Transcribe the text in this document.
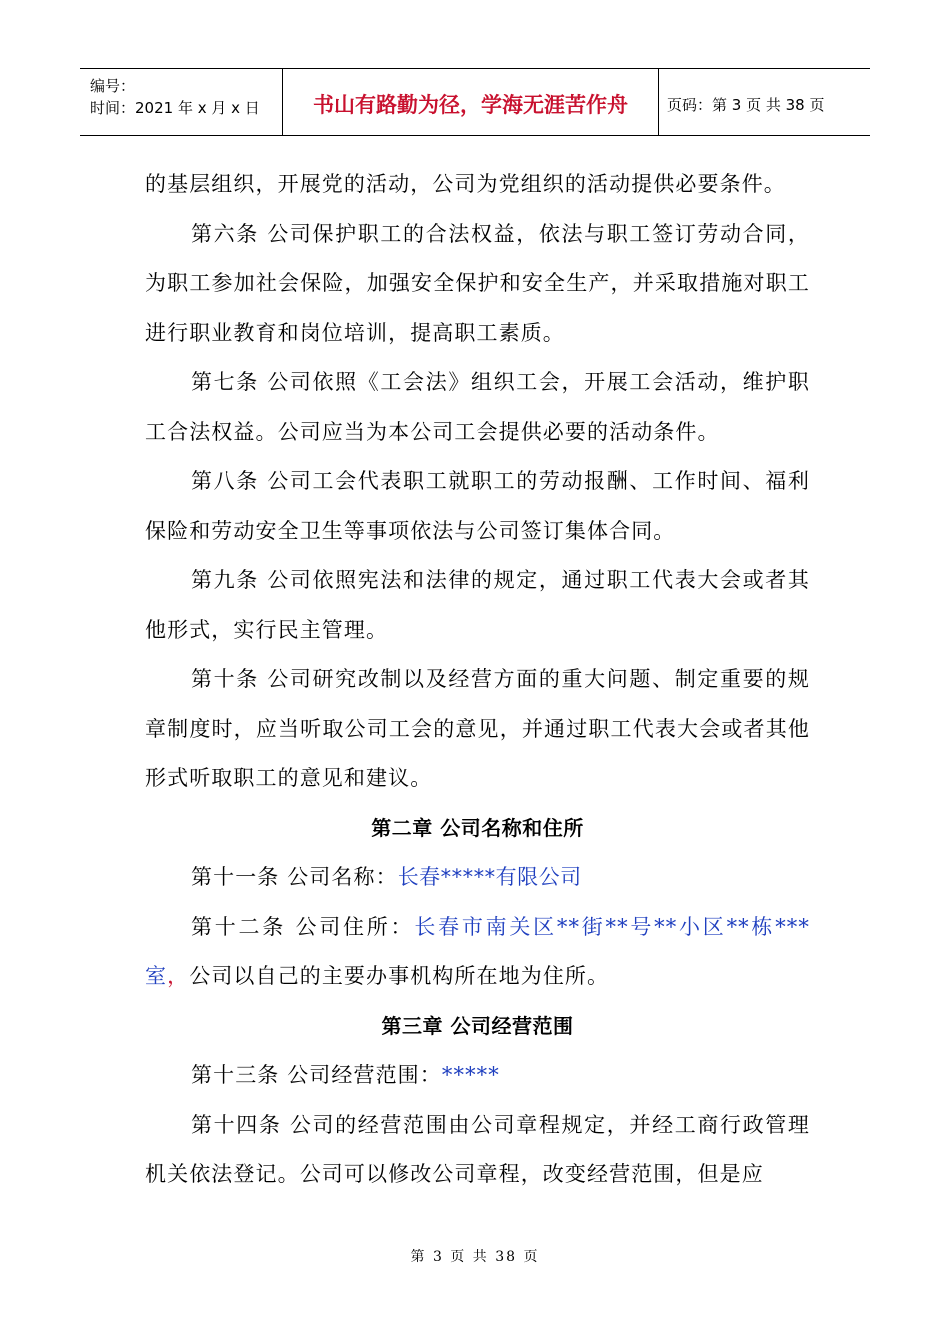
编号：
时间：2021 年 x 月 x 日	书山有路勤为径，学海无涯苦作舟	页码：第 3 页 共 38 页

的基层组织，开展党的活动，公司为党组织的活动提供必要条件。

第六条 公司保护职工的合法权益，依法与职工签订劳动合同，为职工参加社会保险，加强安全保护和安全生产，并采取措施对职工进行职业教育和岗位培训，提高职工素质。

第七条 公司依照《工会法》组织工会，开展工会活动，维护职工合法权益。公司应当为本公司工会提供必要的活动条件。

第八条 公司工会代表职工就职工的劳动报酬、工作时间、福利保险和劳动安全卫生等事项依法与公司签订集体合同。

第九条 公司依照宪法和法律的规定，通过职工代表大会或者其他形式，实行民主管理。

第十条 公司研究改制以及经营方面的重大问题、制定重要的规章制度时，应当听取公司工会的意见，并通过职工代表大会或者其他形式听取职工的意见和建议。

第二章 公司名称和住所

第十一条 公司名称：长春*****有限公司

第十二条 公司住所：长春市南关区**街**号**小区**栋***室，公司以自己的主要办事机构所在地为住所。

第三章 公司经营范围

第十三条 公司经营范围：*****

第十四条 公司的经营范围由公司章程规定，并经工商行政管理机关依法登记。公司可以修改公司章程，改变经营范围，但是应

第 3 页 共 38 页
